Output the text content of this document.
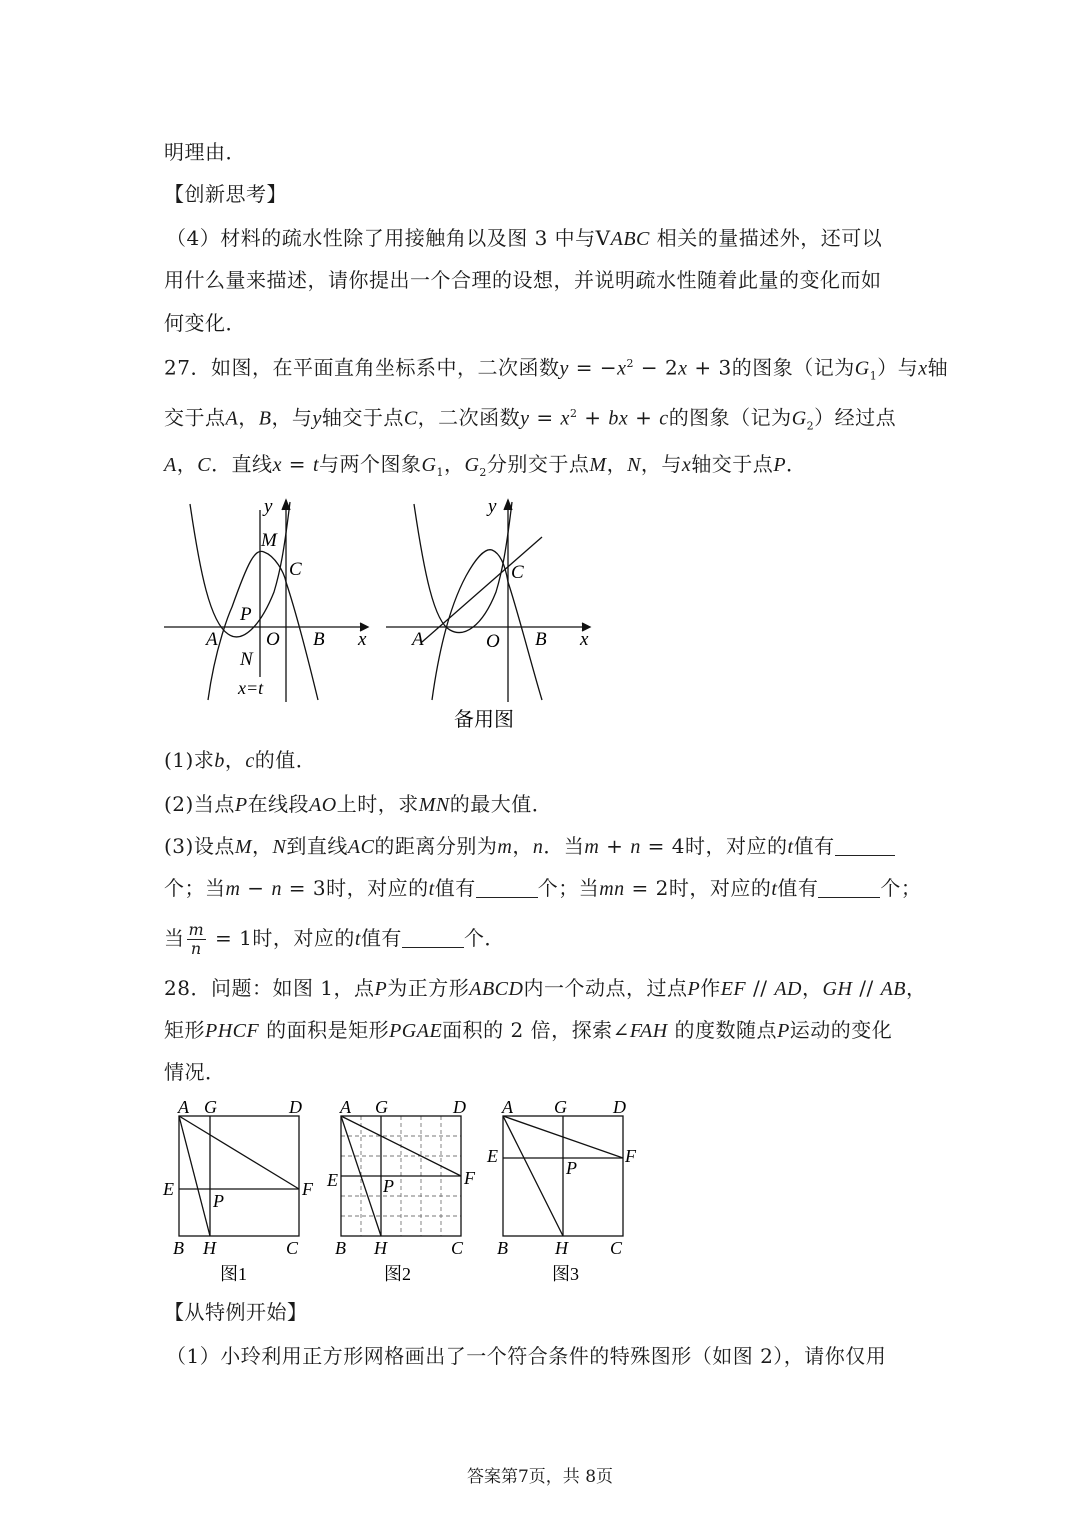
明理由．
【创新思考】
（4）材料的疏水性除了用接触角以及图 3 中与VABC 相关的量描述外，还可以
用什么量来描述，请你提出一个合理的设想，并说明疏水性随着此量的变化而如
何变化．
27．如图，在平面直角坐标系中，二次函数$y = -x^2 - 2x + 3$的图象（记为$G_1$）与x轴
交于点A，B，与y轴交于点C，二次函数$y = x^2$ + bx + c的图象（记为$G_2$）经过点
A，C．直线x = t与两个图象$G_1$，$G_2$分别交于点M，N，与x轴交于点P．
y
M
C
P
A	O B x
N
x=t
y
C
A	O B x
备用图
(1)求b，c的值．
(2)当点P在线段AO上时，求MN的最大值．
(3)设点M，N到直线AC的距离分别为m，n．当m + n = 4时，对应的t值有
个；当m − n = 3时，对应的t值有	个；当mn = 2时，对应的t值有	个；
当 $\frac{m}{n} = 1$时，对应的t值有	个．
28．问题：如图 1，点P为正方形ABCD内一个动点，过点P作EF // AD，GH // AB，
矩形PHCF 的面积是矩形PGAE面积的 2 倍，探索∠FAH 的度数随点P运动的变化
情况．
A G	D
E	F
P
B H	C
图1
A G	D
E	F
P
B H	C
图2
A G	D
E	F
P
B	H C
图3
【从特例开始】
（1）小玲利用正方形网格画出了一个符合条件的特殊图形（如图 2），请你仅用
答案第7页，共 8页
